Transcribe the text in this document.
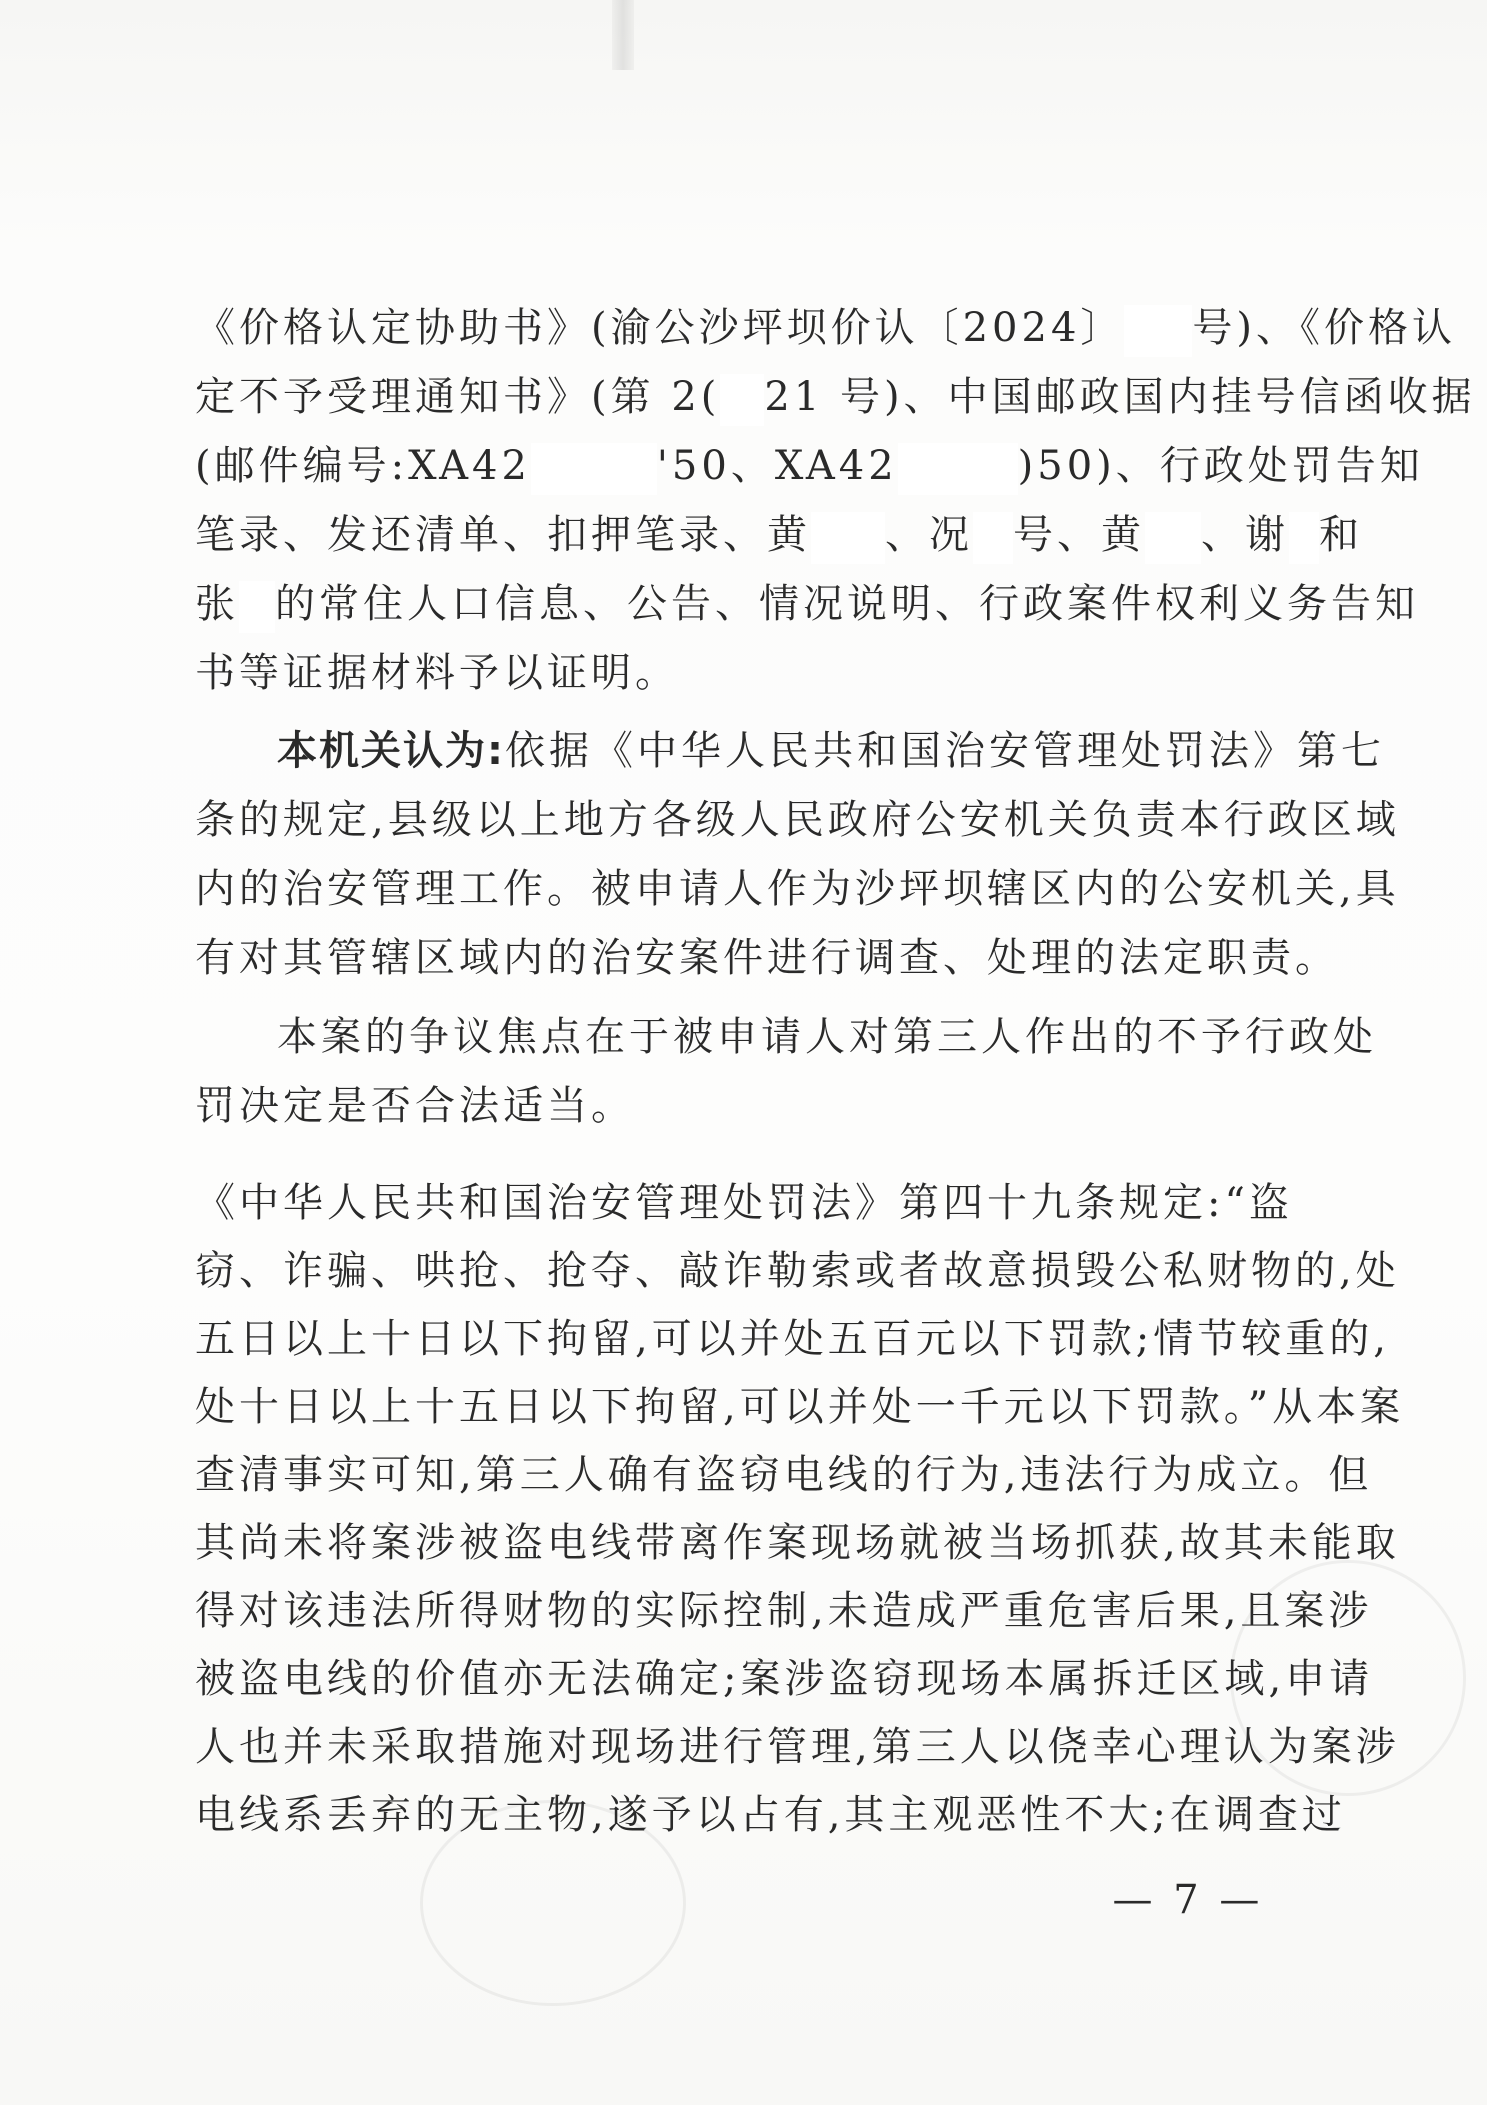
《价格认定协助书》(渝公沙坪坝价认〔2024〕 号)、《价格认
定不予受理通知书》(第 2( 21 号)、中国邮政国内挂号信函收据
(邮件编号:XA42	'50、XA42	)50)、行政处罚告知
笔录、发还清单、扣押笔录、黄 、况 号、黄 、谢 和
张 的常住人口信息、公告、情况说明、行政案件权利义务告知
书等证据材料予以证明。
本机关认为:依据《中华人民共和国治安管理处罚法》第七
条的规定,县级以上地方各级人民政府公安机关负责本行政区域
内的治安管理工作。被申请人作为沙坪坝辖区内的公安机关,具
有对其管辖区域内的治安案件进行调查、处理的法定职责。
本案的争议焦点在于被申请人对第三人作出的不予行政处
罚决定是否合法适当。
《中华人民共和国治安管理处罚法》第四十九条规定:“盗
窃、诈骗、哄抢、抢夺、敲诈勒索或者故意损毁公私财物的,处
五日以上十日以下拘留,可以并处五百元以下罚款;情节较重的,
处十日以上十五日以下拘留,可以并处一千元以下罚款。”从本案
查清事实可知,第三人确有盗窃电线的行为,违法行为成立。但
其尚未将案涉被盗电线带离作案现场就被当场抓获,故其未能取
得对该违法所得财物的实际控制,未造成严重危害后果,且案涉
被盗电线的价值亦无法确定;案涉盗窃现场本属拆迁区域,申请
人也并未采取措施对现场进行管理,第三人以侥幸心理认为案涉
电线系丢弃的无主物,遂予以占有,其主观恶性不大;在调查过
— 7 —
